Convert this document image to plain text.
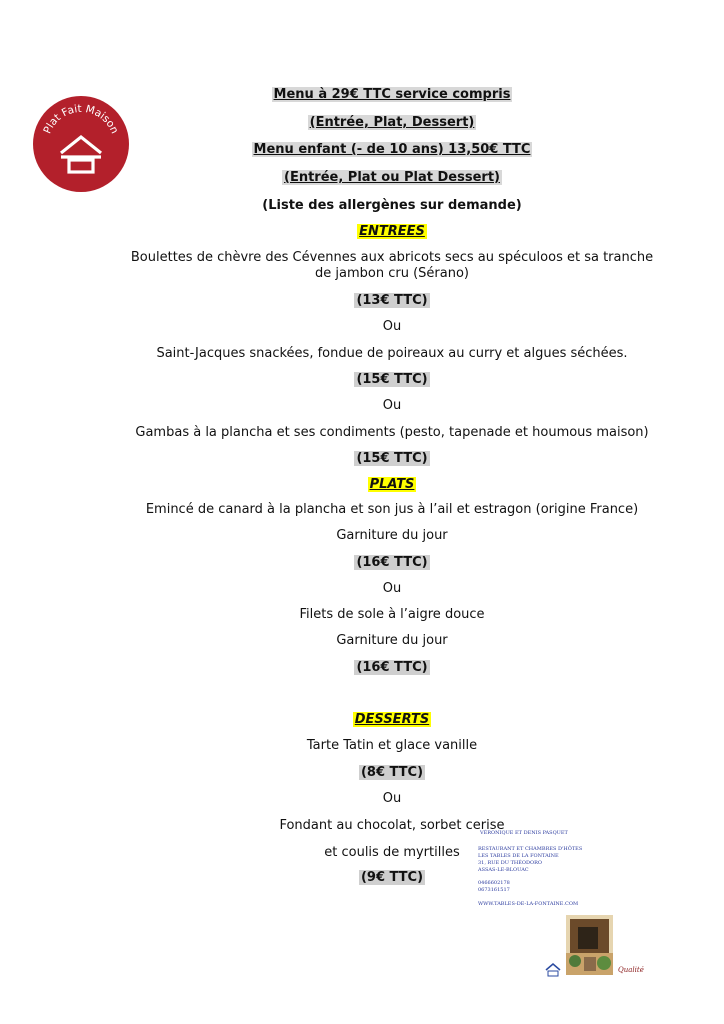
Plat Fait Maison
Menu à 29€ TTC service compris
(Entrée, Plat, Dessert)
Menu enfant (- de 10 ans) 13,50€ TTC
(Entrée, Plat ou Plat Dessert)
(Liste des allergènes sur demande)
ENTREES
Boulettes de chèvre des Cévennes aux abricots secs au spéculoos et sa tranche
de jambon cru (Sérano)
(13€ TTC)
Ou
Saint-Jacques snackées, fondue de poireaux au curry et algues séchées.
(15€ TTC)
Ou
Gambas à la plancha et ses condiments (pesto, tapenade et houmous maison)
(15€ TTC)
PLATS
Emincé de canard à la plancha et son jus à l’ail et estragon (origine France)
Garniture du jour
(16€ TTC)
Ou
Filets de sole à l’aigre douce
Garniture du jour
(16€ TTC)
DESSERTS
Tarte Tatin et glace vanille
(8€ TTC)
Ou
Fondant au chocolat, sorbet cerise
et coulis de myrtilles
(9€ TTC)
VÉRONIQUE ET DENIS PASQUET
RESTAURANT ET CHAMBRES D'HÔTES
LES TABLES DE LA FONTAINE
31, RUE DU THÉODORO
ASSAS-LE-BLOUAC
0466602178
0673161517
WWW.TABLES-DE-LA-FONTAINE.COM
Qualité
